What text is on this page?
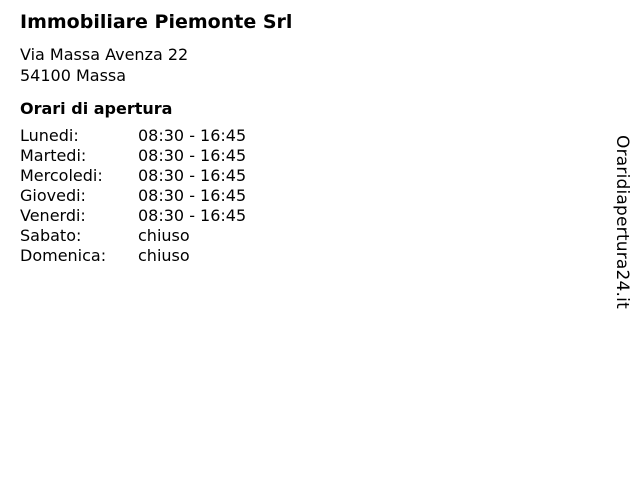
Immobiliare Piemonte Srl
Via Massa Avenza 22
54100 Massa
Orari di apertura
Lunedi:	08:30 - 16:45
Martedi:	08:30 - 16:45
Mercoledi:	08:30 - 16:45
Giovedi:	08:30 - 16:45
Venerdi:	08:30 - 16:45
Sabato:	chiuso
Domenica:	chiuso	Oraridiapertura24.it
